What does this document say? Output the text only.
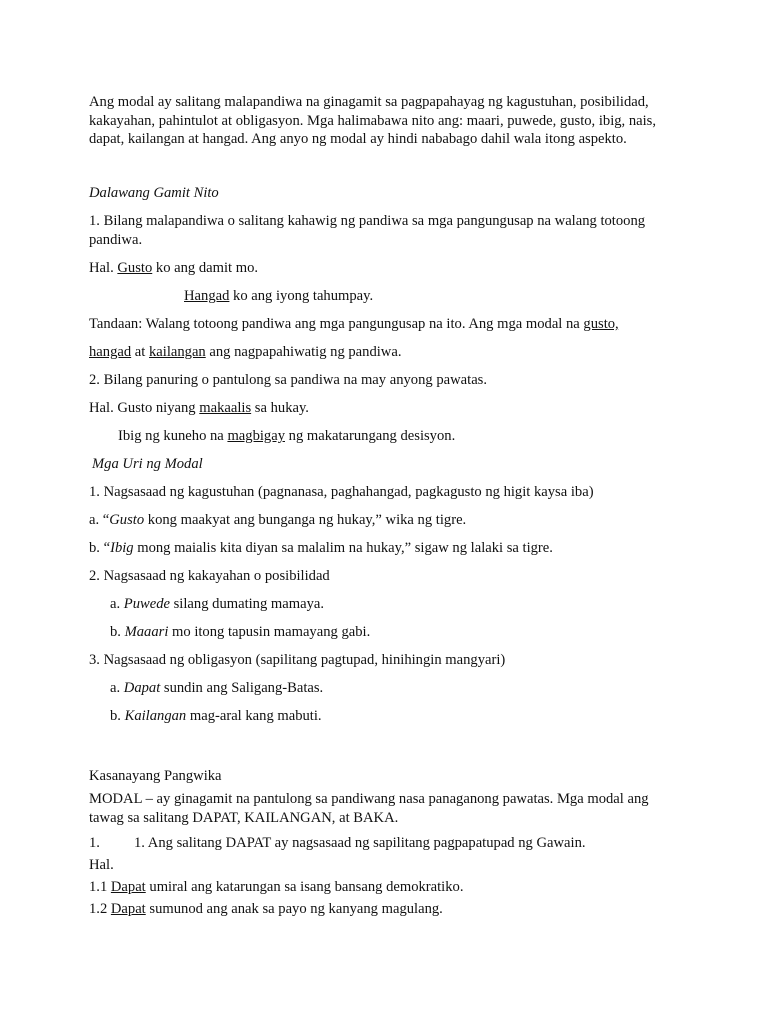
Ang modal ay salitang malapandiwa na ginagamit sa pagpapahayag ng kagustuhan, posibilidad, kakayahan, pahintulot at obligasyon. Mga halimabawa nito ang: maari, puwede, gusto, ibig, nais, dapat, kailangan at hangad. Ang anyo ng modal ay hindi nababago dahil wala itong aspekto.
Dalawang Gamit Nito
1. Bilang malapandiwa o salitang kahawig ng pandiwa sa mga pangungusap na walang totoong pandiwa.
Hal. Gusto ko ang damit mo.
Hangad ko ang iyong tahumpay.
Tandaan: Walang totoong pandiwa ang mga pangungusap na ito. Ang mga modal na gusto,
hangad at kailangan ang nagpapahiwatig ng pandiwa.
2. Bilang panuring o pantulong sa pandiwa na may anyong pawatas.
Hal. Gusto niyang makaalis sa hukay.
Ibig ng kuneho na magbigay ng makatarungang desisyon.
Mga Uri ng Modal
1. Nagsasaad ng kagustuhan (pagnanasa, paghahangad, pagkagusto ng higit kaysa iba)
a. “Gusto kong maakyat ang bunganga ng hukay,” wika ng tigre.
b. “Ibig mong maialis kita diyan sa malalim na hukay,” sigaw ng lalaki sa tigre.
2. Nagsasaad ng kakayahan o posibilidad
a. Puwede silang dumating mamaya.
b. Maaari mo itong tapusin mamayang gabi.
3. Nagsasaad ng obligasyon (sapilitang pagtupad, hinihingin mangyari)
a. Dapat sundin ang Saligang-Batas.
b. Kailangan mag-aral kang mabuti.
Kasanayang Pangwika
MODAL – ay ginagamit na pantulong sa pandiwang nasa panaganong pawatas. Mga modal ang tawag sa salitang DAPAT, KAILANGAN, at BAKA.
1. 1. Ang salitang DAPAT ay nagsasaad ng sapilitang pagpapatupad ng Gawain.
Hal.
1.1 Dapat umiral ang katarungan sa isang bansang demokratiko.
1.2 Dapat sumunod ang anak sa payo ng kanyang magulang.
